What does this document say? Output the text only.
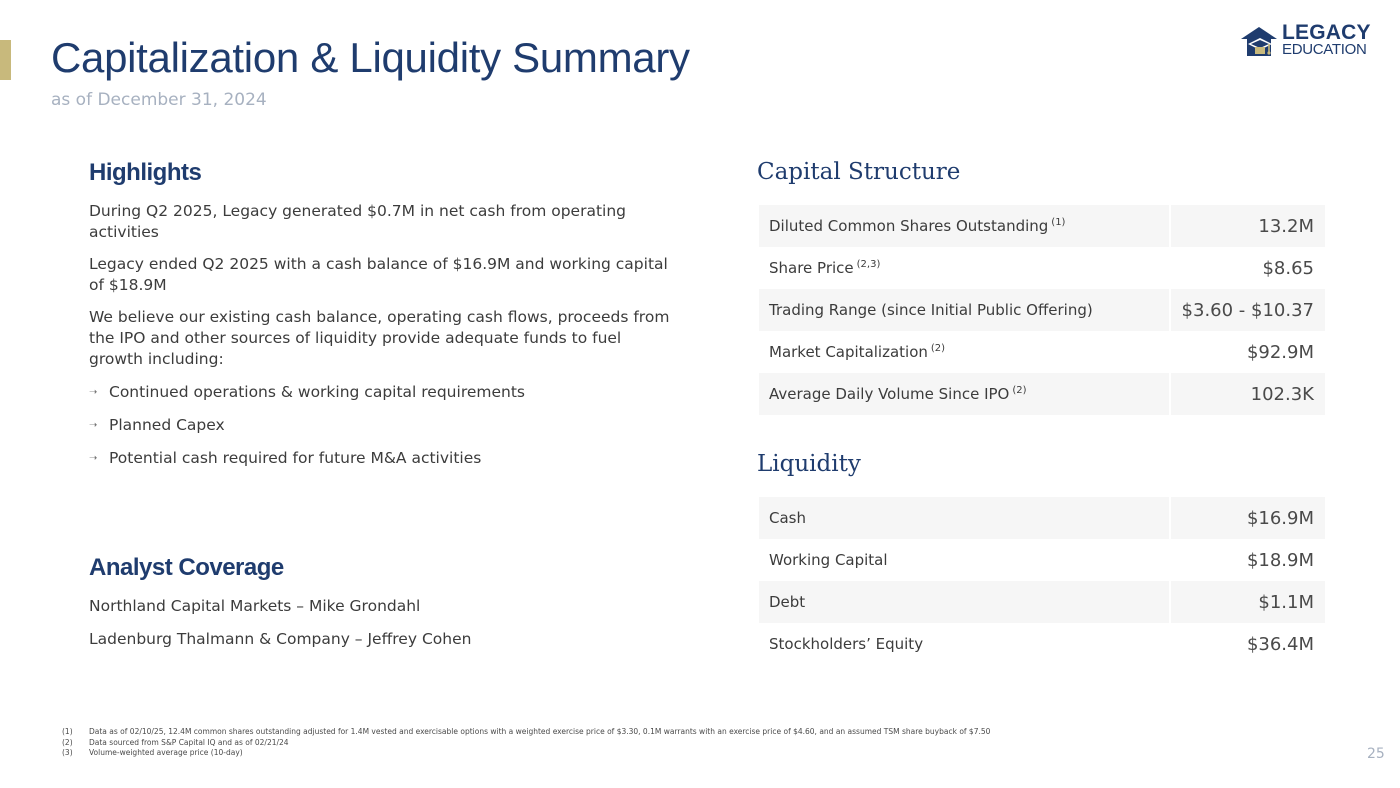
Capitalization & Liquidity Summary
as of December 31, 2024
LEGACY
EDUCATION
Highlights

During Q2 2025, Legacy generated $0.7M in net cash from operating activities

Legacy ended Q2 2025 with a cash balance of $16.9M and working capital of $18.9M

We believe our existing cash balance, operating cash flows, proceeds from the IPO and other sources of liquidity provide adequate funds to fuel growth including:

➝ Continued operations & working capital requirements
➝ Planned Capex
➝ Potential cash required for future M&A activities
Analyst Coverage

Northland Capital Markets – Mike Grondahl

Ladenburg Thalmann & Company – Jeffrey Cohen

Capital Structure
Diluted Common Shares Outstanding $^{(1)}$	13.2M
Share Price $^{(2,3)}$	$8.65
Trading Range (since Initial Public Offering)	$3.60 - $10.37
Market Capitalization $^{(2)}$	$92.9M
Average Daily Volume Since IPO $^{(2)}$	102.3K
Liquidity
Cash	$16.9M
Working Capital	$18.9M
Debt	$1.1M
Stockholders’ Equity	$36.4M
(1)	Data as of 02/10/25, 12.4M common shares outstanding adjusted for 1.4M vested and exercisable options with a weighted exercise price of $3.30, 0.1M warrants with an exercise price of $4.60, and an assumed TSM share buyback of $7.50
(2)	Data sourced from S&P Capital IQ and as of 02/21/24
(3)	Volume-weighted average price (10-day)	25
